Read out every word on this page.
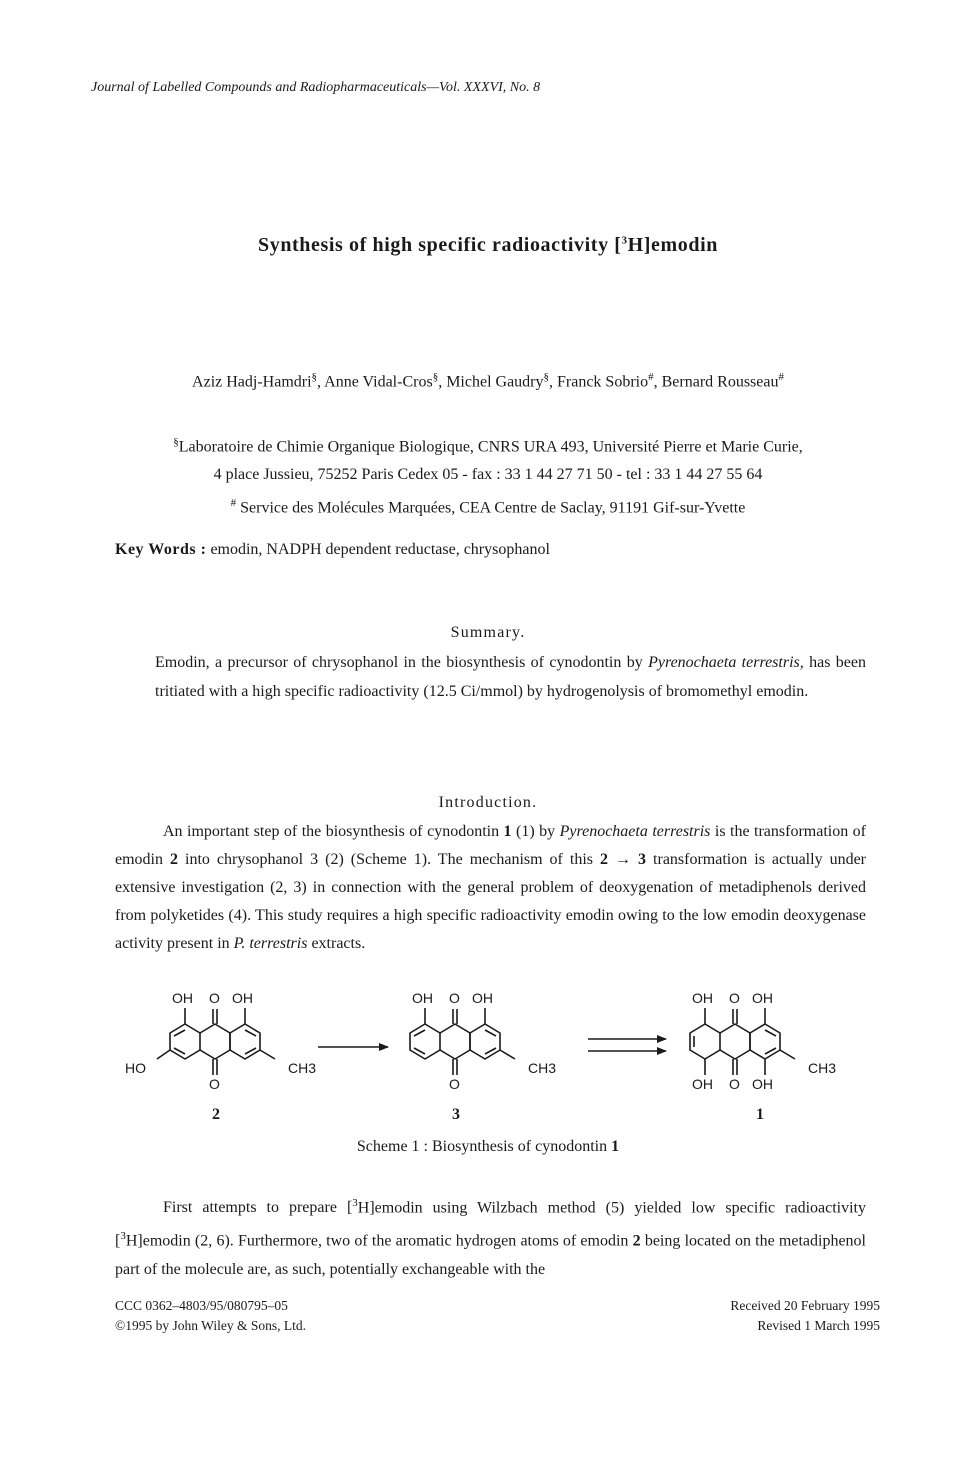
Journal of Labelled Compounds and Radiopharmaceuticals—Vol. XXXVI, No. 8
Synthesis of high specific radioactivity [$^3$H]emodin
Aziz Hadj-Hamdri§, Anne Vidal-Cros§, Michel Gaudry§, Franck Sobrio#, Bernard Rousseau#
§Laboratoire de Chimie Organique Biologique, CNRS URA 493, Université Pierre et Marie Curie,
4 place Jussieu, 75252 Paris Cedex 05 - fax : 33 1 44 27 71 50 - tel : 33 1 44 27 55 64
# Service des Molécules Marquées, CEA Centre de Saclay, 91191 Gif-sur-Yvette
Key Words : emodin, NADPH dependent reductase, chrysophanol
Summary.
Emodin, a precursor of chrysophanol in the biosynthesis of cynodontin by Pyrenochaeta terrestris, has been tritiated with a high specific radioactivity (12.5 Ci/mmol) by hydrogenolysis of bromomethyl emodin.
Introduction.
An important step of the biosynthesis of cynodontin 1 (1) by Pyrenochaeta terrestris is the transformation of emodin 2 into chrysophanol 3 (2) (Scheme 1). The mechanism of this 2 → 3 transformation is actually under extensive investigation (2, 3) in connection with the general problem of deoxygenation of metadiphenols derived from polyketides (4). This study requires a high specific radioactivity emodin owing to the low emodin deoxygenase activity present in P. terrestris extracts.
OH O OH
HO
O
CH3
OH O OH
O
CH3
OH O OH
OH O OH
CH3
2	3	1
Scheme 1 : Biosynthesis of cynodontin 1
First attempts to prepare [$^3$H]emodin using Wilzbach method (5) yielded low specific radioactivity [$^3$H]emodin (2, 6). Furthermore, two of the aromatic hydrogen atoms of emodin 2 being located on the metadiphenol part of the molecule are, as such, potentially exchangeable with the
CCC 0362–4803/95/080795–05
©1995 by John Wiley & Sons, Ltd.
Received 20 February 1995
Revised 1 March 1995
